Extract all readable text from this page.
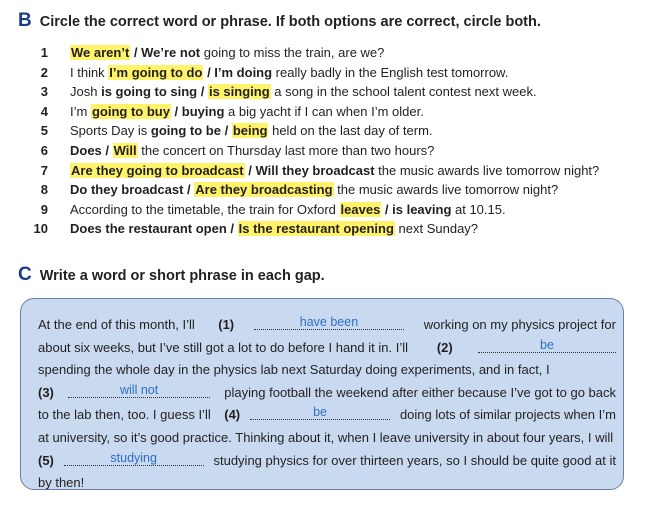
B Circle the correct word or phrase. If both options are correct, circle both.
1 We aren’t / We’re not going to miss the train, are we?
2 I think I’m going to do / I’m doing really badly in the English test tomorrow.
3 Josh is going to sing / is singing a song in the school talent contest next week.
4 I’m going to buy / buying a big yacht if I can when I’m older.
5 Sports Day is going to be / being held on the last day of term.
6 Does / Will the concert on Thursday last more than two hours?
7 Are they going to broadcast / Will they broadcast the music awards live tomorrow night?
8 Do they broadcast / Are they broadcasting the music awards live tomorrow night?
9 According to the timetable, the train for Oxford leaves / is leaving at 10.15.
10 Does the restaurant open / Is the restaurant opening next Sunday?
C Write a word or short phrase in each gap.
At the end of this month, I’ll (1)	have been	working on my physics project for
about six weeks, but I’ve still got a lot to do before I hand it in. I’ll (2)	be
spending the whole day in the physics lab next Saturday doing experiments, and in fact, I
(3)	will not	playing football the weekend after either because I’ve got to go back
to the lab then, too. I guess I’ll (4)	be	doing lots of similar projects when I’m
at university, so it’s good practice. Thinking about it, when I leave university in about four years, I will
(5)	studying	studying physics for over thirteen years, so I should be quite good at it
by then!
